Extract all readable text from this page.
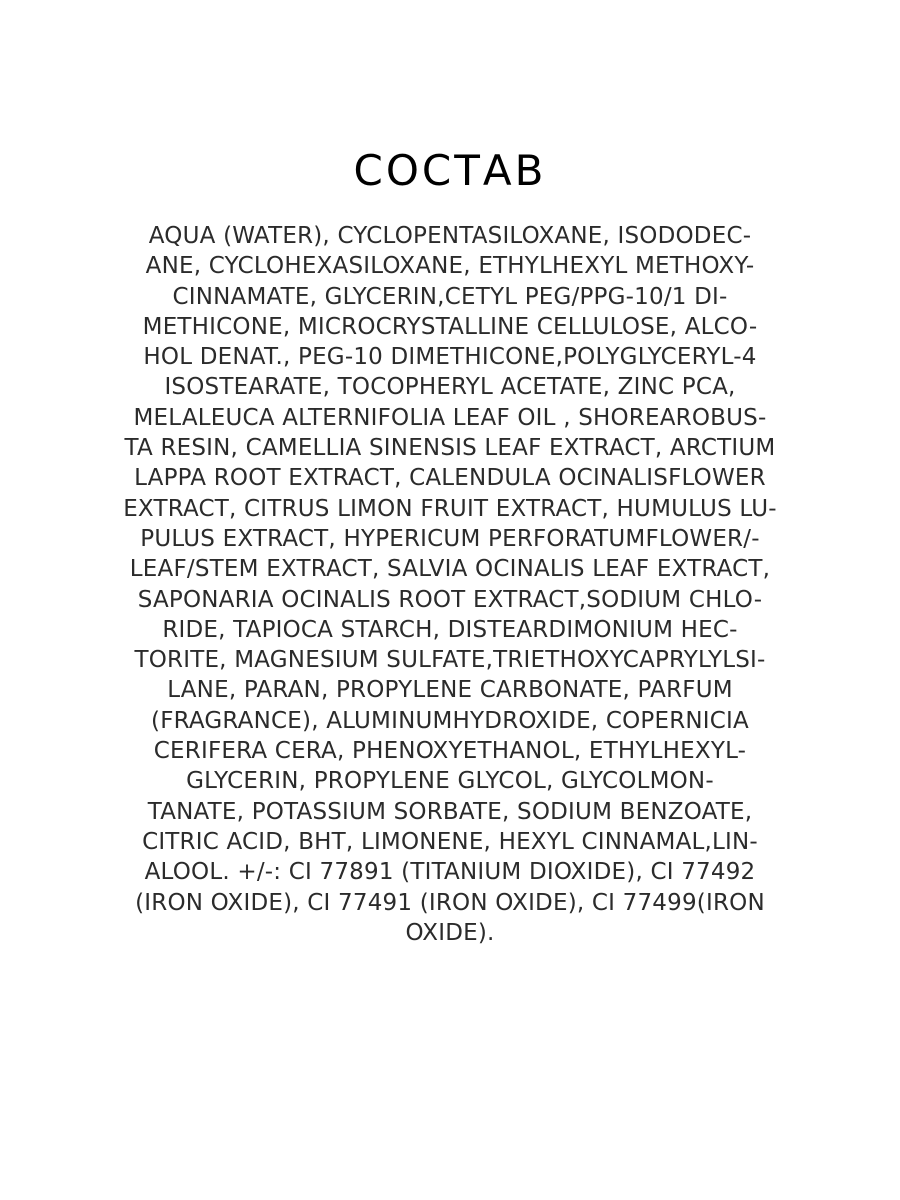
СОСТАВ
AQUA (WATER), CYCLOPENTASILOXANE, ISODODEC-
ANE, CYCLOHEXASILOXANE, ETHYLHEXYL METHOXY-
CINNAMATE, GLYCERIN,CETYL PEG/PPG-10/1 DI-
METHICONE, MICROCRYSTALLINE CELLULOSE, ALCO-
HOL DENAT., PEG-10 DIMETHICONE,POLYGLYCERYL-4
ISOSTEARATE, TOCOPHERYL ACETATE, ZINC PCA,
MELALEUCA ALTERNIFOLIA LEAF OIL , SHOREAROBUS-
TA RESIN, CAMELLIA SINENSIS LEAF EXTRACT, ARCTIUM
LAPPA ROOT EXTRACT, CALENDULA OCINALISFLOWER
EXTRACT, CITRUS LIMON FRUIT EXTRACT, HUMULUS LU-
PULUS EXTRACT, HYPERICUM PERFORATUMFLOWER/-
LEAF/STEM EXTRACT, SALVIA OCINALIS LEAF EXTRACT,
SAPONARIA OCINALIS ROOT EXTRACT,SODIUM CHLO-
RIDE, TAPIOCA STARCH, DISTEARDIMONIUM HEC-
TORITE, MAGNESIUM SULFATE,TRIETHOXYCAPRYLYLSI-
LANE, PARAN, PROPYLENE CARBONATE, PARFUM
(FRAGRANCE), ALUMINUMHYDROXIDE, COPERNICIA
CERIFERA CERA, PHENOXYETHANOL, ETHYLHEXYL-
GLYCERIN, PROPYLENE GLYCOL, GLYCOLMON-
TANATE, POTASSIUM SORBATE, SODIUM BENZOATE,
CITRIC ACID, BHT, LIMONENE, HEXYL CINNAMAL,LIN-
ALOOL. +/-: CI 77891 (TITANIUM DIOXIDE), CI 77492
(IRON OXIDE), CI 77491 (IRON OXIDE), CI 77499(IRON
OXIDE).
